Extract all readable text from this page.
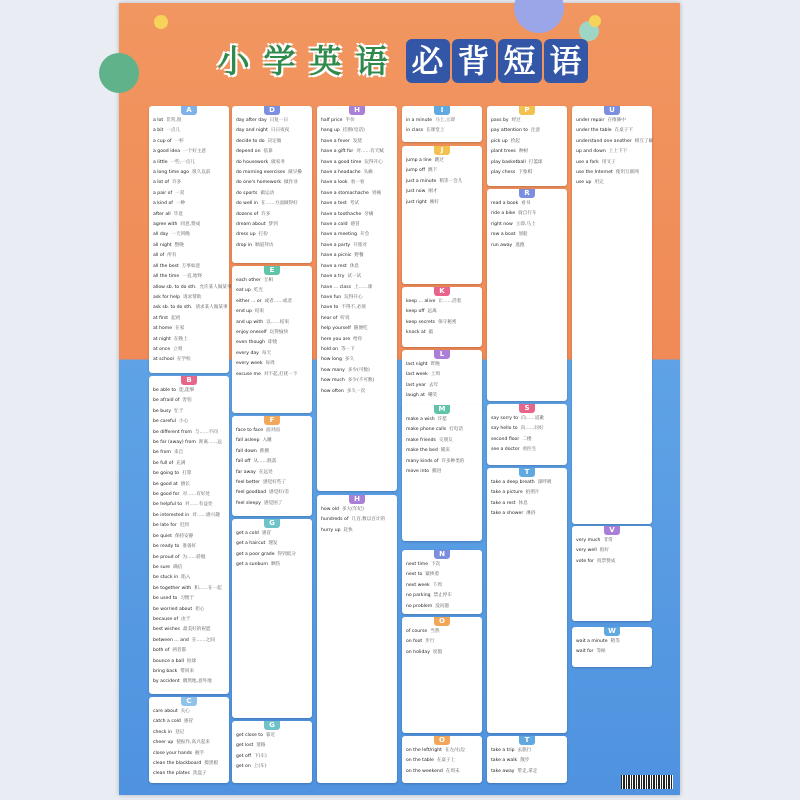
小 学 英 语 必 背 短 语
A
a lot 非常,很
a bit 一点儿
a cup of 一杯
a good idea 一个好主意
a little 一些,一点儿
a long time ago 很久以前
a lot of 许多
a pair of 一双
a kind of 一种
after all 毕竟
agree with 同意,赞成
all day 一天到晚
all night 整晚
all of 所有
all the best 万事如意
all the time 一直,始终
allow sb. to do sth. 允许某人做某事
ask for help 请求帮助
ask sb. to do sth. 请求某人做某事
at first 起初
at home 在家
at night 在晚上
at once 立刻
at school 在学校
B
be able to 能,能够
be afraid of 害怕
be busy 忙于
be careful 小心
be different from 与……不同
be far (away) from 距离……远
be from 来自
be full of 充满
be going to 打算
be good at 擅长
be good for 对……有好处
be helpful to 对……有益处
be interested in 对……感兴趣
be late for 迟到
be quiet 保持安静
be ready to 准备好
be proud of 为……骄傲
be sure 确信
be stuck in 陷入
be together with 和……在一起
be used to 习惯于
be worried about 担心
because of 由于
best wishes 最美好的祝愿
between ... and 在……之间
both of 两者都
bounce a ball 拍球
bring back 带回来
by accident 偶然地,意外地
C
care about 关心
catch a cold 感冒
check in 登记
cheer up 使振作,高兴起来
close your hands 握手
clean the blackboard 擦黑板
clean the plates 洗盘子
D
day after day 日复一日
day and night 日日夜夜
decide to do 决定做
depend on 依靠
do housework 做家务
do morning exercises 做早操
do one's homework 做作业
do sports 做运动
do well in 在……方面做得好
dozens of 许多
dream about 梦到
dress up 打扮
drop in 顺道拜访
E
each other 互相
eat up 吃光
either ... or 或者……或者
end up 结束
and up with 以……结束
enjoy oneself 玩得愉快
even though 即使
every day 每天
every week 每周
excuse me 对不起,打扰一下
F
face to face 面对面
fall asleep 入睡
fall down 跌倒
fall off 从……跌落
far away 在远处
feel better 感觉好些了
feel goodbad 感觉好/差
feel sleepy 感觉困了
G
get a cold 感冒
get a haircut 理发
get a poor grade 得到低分
get a sunburn 晒伤
G
get close to 靠近
get lost 迷路
get off 下(车)
get on 上(车)
H
half price 半价
hang up 挂断(电话)
have a fever 发烧
have a gift for 对……有天赋
have a good time 玩得开心
have a headache 头痛
have a look 看一看
have a stomachache 胃痛
have a test 考试
have a toothache 牙痛
have a cold 感冒
have a meeting 开会
have a party 开派对
have a picnic 野餐
have a rest 休息
have a try 试一试
have ... class 上……课
have fun 玩得开心
have to 不得不,必须
hear of 听说
help yourself 随便吃
here you are 给你
hold on 等一下
how long 多久
how many 多少(可数)
how much 多少(不可数)
how often 多久一次
H
how old 多大(年纪)
hundreds of 几百,数以百计的
hurry up 赶快
I
in a minute 马上,立即
in class 在课堂上
J
jump a line 跳过
jump off 跳下
just a minute 稍等一会儿
just now 刚才
just right 刚好
K
keep ... alive 让……活着
keep off 远离
keep secrets 保守秘密
knock at 敲
L
last night 昨晚
last week 上周
last year 去年
laugh at 嘲笑
M
make a wish 许愿
make phone calls 打电话
make friends 交朋友
make the bed 铺床
many kinds of 许多种类的
move into 搬进
N
next time 下次
next to 紧挨着
next week 下周
no parking 禁止停车
no problem 没问题
O
of course 当然
on foot 步行
on holiday 度假
O
on the left/right 在左/右边
on the table 在桌子上
on the weekend 在周末
P
pass by 经过
pay attention to 注意
pick up 捡起
plant trees 种树
play basketball 打篮球
play chess 下象棋
R
read a book 看书
ride a bike 骑自行车
right now 立即,马上
row a boat 划船
run away 逃跑
S
say sorry to 向……道歉
say hello to 向……问好
second floor 二楼
see a doctor 看医生
T
take a deep breath 深呼吸
take a picture 拍照片
take a rest 休息
take a shower 淋浴
T
take a trip 去旅行
take a walk 散步
take away 带走,拿走
U
under repair 在维修中
under the table 在桌子下
understand one another 相互了解
up and down 上上下下
use a fork 用叉子
use the Internet 使用互联网
use up 用完
V
very much 非常
very well 很好
vote for 投票赞成
W
wait a minute 稍等
wait for 等候
